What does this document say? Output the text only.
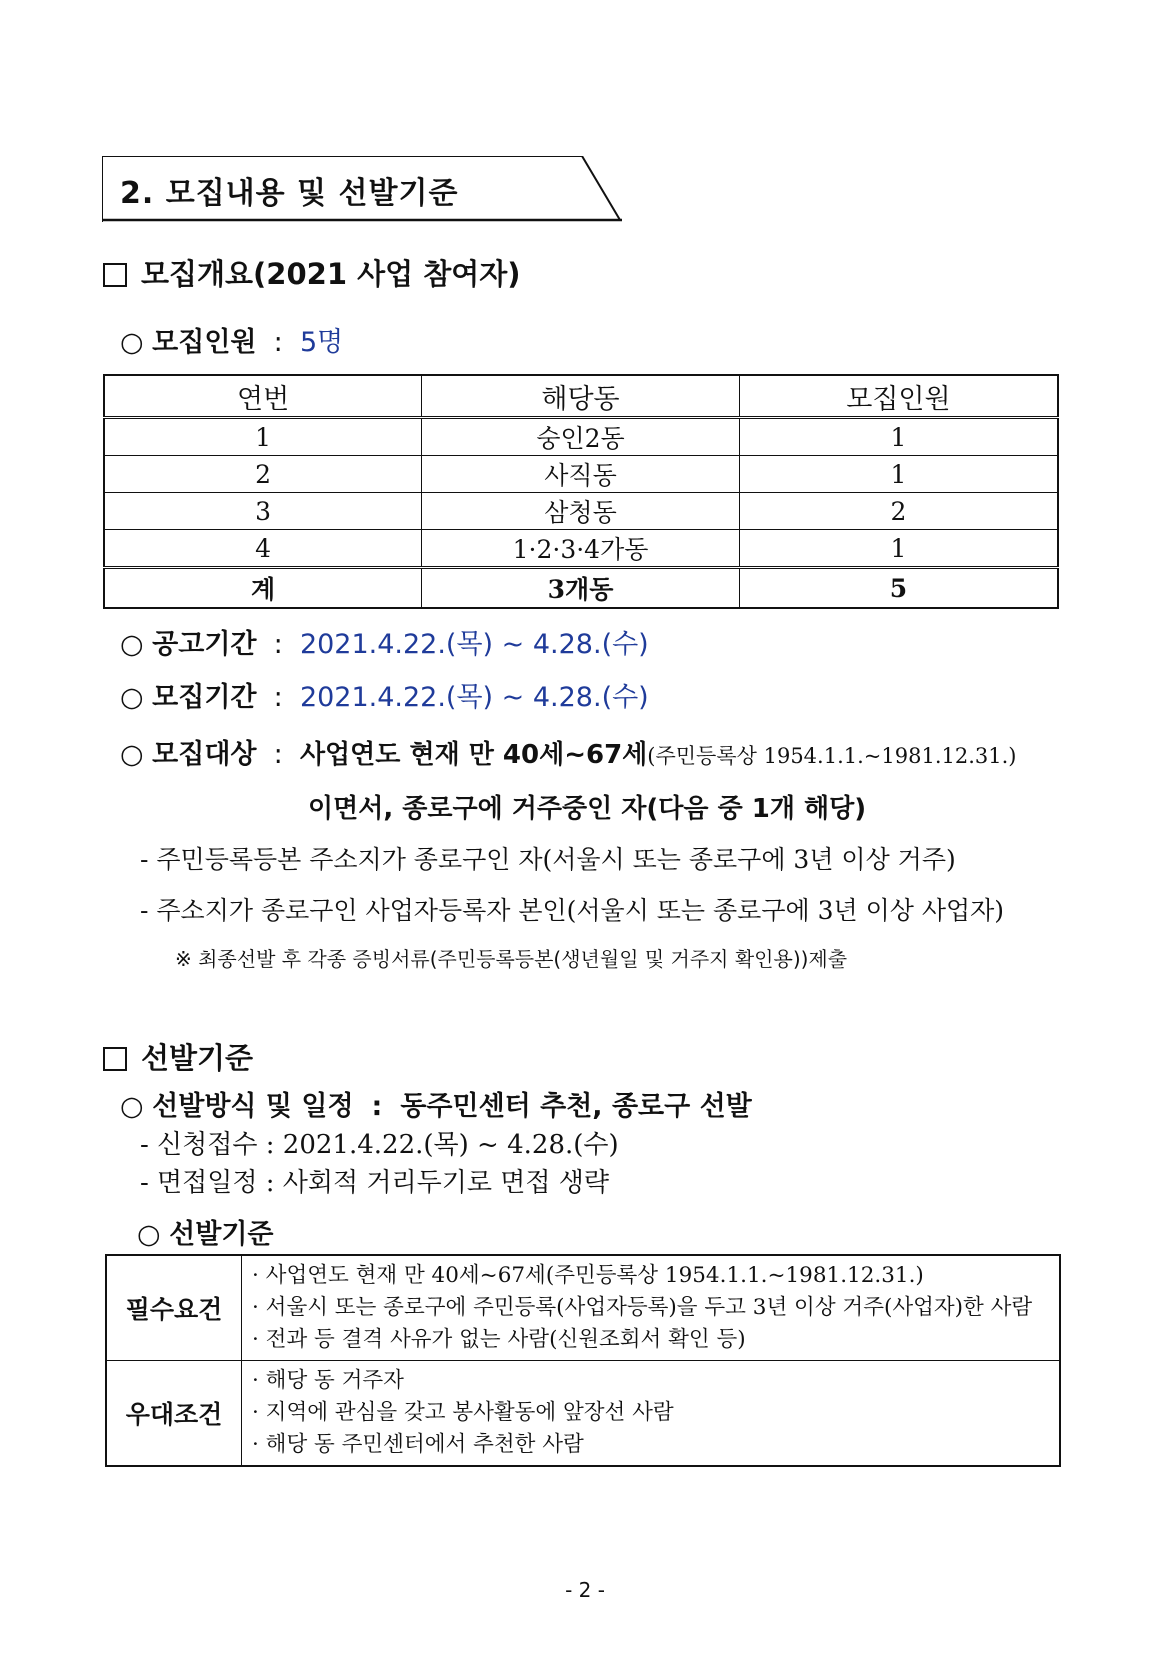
2. 모집내용 및 선발기준
모집개요(2021 사업 참여자)
○ 모집인원  :  5명
연번	해당동	모집인원
1	숭인2동	1
2	사직동	1
3	삼청동	2
4	1·2·3·4가동	1
계	3개동	5
○ 공고기간  :  2021.4.22.(목) ~ 4.28.(수)
○ 모집기간  :  2021.4.22.(목) ~ 4.28.(수)
○ 모집대상  :  사업연도 현재 만 40세~67세(주민등록상 1954.1.1.~1981.12.31.)
이면서, 종로구에 거주중인 자(다음 중 1개 해당)
- 주민등록등본 주소지가 종로구인 자(서울시 또는 종로구에 3년 이상 거주)
- 주소지가 종로구인 사업자등록자 본인(서울시 또는 종로구에 3년 이상 사업자)
※ 최종선발 후 각종 증빙서류(주민등록등본(생년월일 및 거주지 확인용))제출
선발기준
○ 선발방식 및 일정  :  동주민센터 추천, 종로구 선발
- 신청접수 : 2021.4.22.(목) ~ 4.28.(수)
- 면접일정 : 사회적 거리두기로 면접 생략
○ 선발기준
필수요건	· 사업연도 현재 만 40세~67세(주민등록상 1954.1.1.~1981.12.31.)
· 서울시 또는 종로구에 주민등록(사업자등록)을 두고 3년 이상 거주(사업자)한 사람
· 전과 등 결격 사유가 없는 사람(신원조회서 확인 등)

우대조건	· 해당 동 거주자
· 지역에 관심을 갖고 봉사활동에 앞장선 사람
· 해당 동 주민센터에서 추천한 사람
- 2 -
